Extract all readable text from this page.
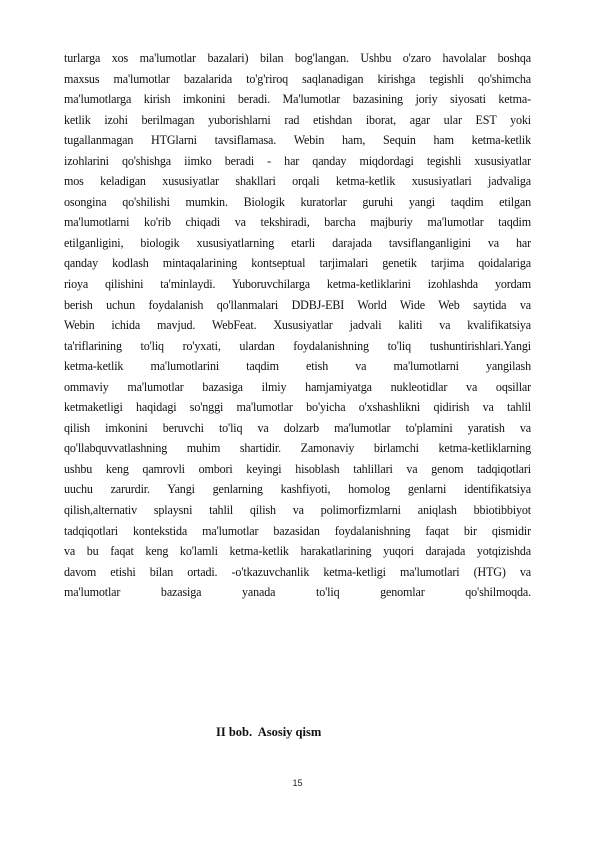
turlarga xos ma'lumotlar bazalari) bilan bog'langan. Ushbu o'zaro havolalar boshqa
maxsus ma'lumotlar bazalarida to'g'riroq saqlanadigan kirishga tegishli qo'shimcha
ma'lumotlarga kirish imkonini beradi. Ma'lumotlar bazasining joriy siyosati ketma-
ketlik izohi berilmagan yuborishlarni rad etishdan iborat, agar ular EST yoki
tugallanmagan HTGlarni tavsiflamasa. Webin ham, Sequin ham ketma-ketlik
izohlarini qo'shishga iimko beradi - har qanday miqdordagi tegishli xususiyatlar
mos keladigan xususiyatlar shakllari orqali ketma-ketlik xususiyatlari jadvaliga
osongina qo'shilishi mumkin. Biologik kuratorlar guruhi yangi taqdim etilgan
ma'lumotlarni ko'rib chiqadi va tekshiradi, barcha majburiy ma'lumotlar taqdim
etilganligini, biologik xususiyatlarning etarli darajada tavsiflanganligini va har
qanday kodlash mintaqalarining kontseptual tarjimalari genetik tarjima qoidalariga
rioya qilishini ta'minlaydi. Yuboruvchilarga ketma-ketliklarini izohlashda yordam
berish uchun foydalanish qo'llanmalari DDBJ-EBI World Wide Web saytida va
Webin ichida mavjud. WebFeat. Xususiyatlar jadvali kaliti va kvalifikatsiya
ta'riflarining to'liq ro'yxati, ulardan foydalanishning to'liq tushuntirishlari.Yangi
ketma-ketlik ma'lumotlarini taqdim etish va ma'lumotlarni yangilash
ommaviy ma'lumotlar bazasiga ilmiy hamjamiyatga nukleotidlar va oqsillar
ketmaketligi haqidagi so'nggi ma'lumotlar bo'yicha o'xshashlikni qidirish va tahlil
qilish imkonini beruvchi to'liq va dolzarb ma'lumotlar to'plamini yaratish va
qo'llabquvvatlashning muhim shartidir. Zamonaviy birlamchi ketma-ketliklarning
ushbu keng qamrovli ombori keyingi hisoblash tahlillari va genom tadqiqotlari
uuchu zarurdir. Yangi genlarning kashfiyoti, homolog genlarni identifikatsiya
qilish,alternativ splaysni tahlil qilish va polimorfizmlarni aniqlash bbiotibbiyot
tadqiqotlari kontekstida ma'lumotlar bazasidan foydalanishning faqat bir qismidir
va bu faqat keng ko'lamli ketma-ketlik harakatlarining yuqori darajada yotqizishda
davom etishi bilan ortadi. -o'tkazuvchanlik ketma-ketligi ma'lumotlari (HTG) va
ma'lumotlar bazasiga yanada to'liq genomlar qo'shilmoqda.
II bob.  Asosiy qism
15
